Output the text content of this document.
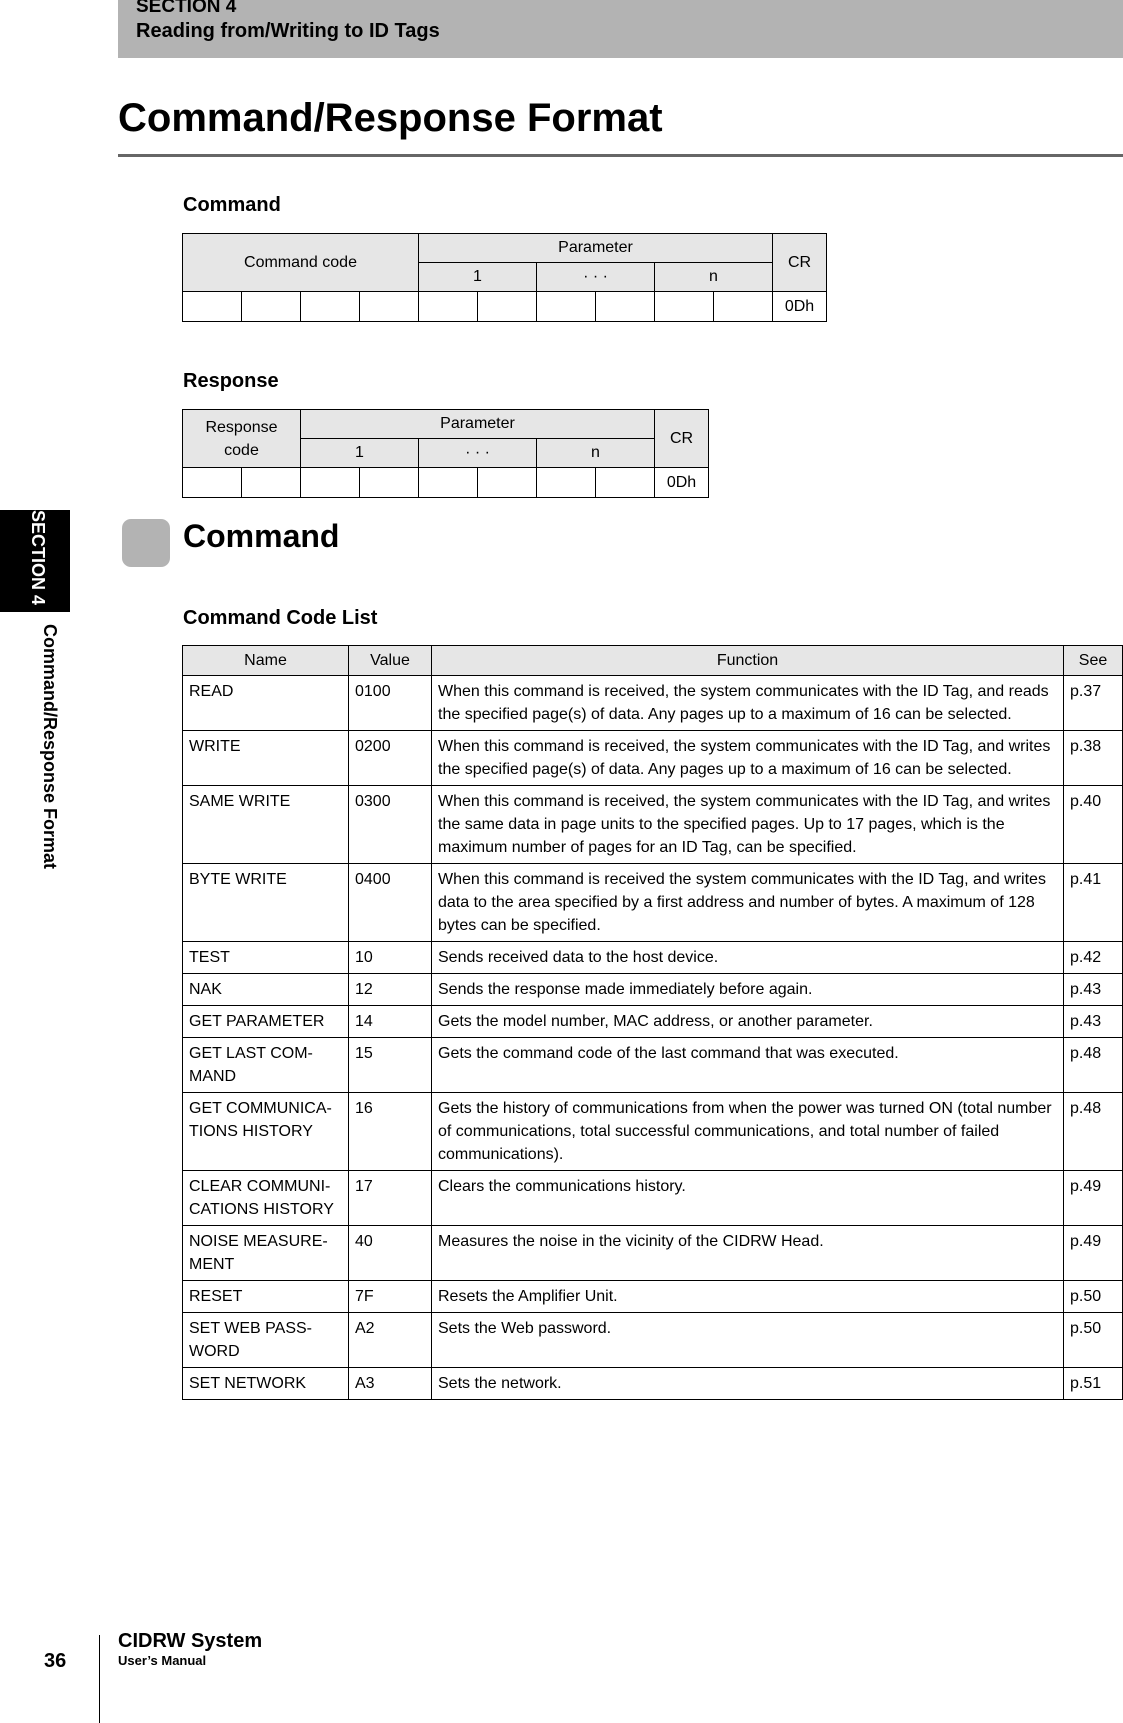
SECTION 4
Reading from/Writing to ID Tags
Command/Response Format
Command
Command code				Parameter						CR
				1		· · ·		n		
										0Dh
Response
Response code		Parameter						CR
		1		· · ·		n		
								0Dh
SECTION 4
Command/Response Format
Command
Command Code List
Name	Value	Function	See
READ	0100	When this command is received, the system communicates with the ID Tag, and reads the specified page(s) of data. Any pages up to a maximum of 16 can be selected.	p.37
WRITE	0200	When this command is received, the system communicates with the ID Tag, and writes the specified page(s) of data. Any pages up to a maximum of 16 can be selected.	p.38
SAME WRITE	0300	When this command is received, the system communicates with the ID Tag, and writes the same data in page units to the specified pages. Up to 17 pages, which is the maximum number of pages for an ID Tag, can be specified.	p.40
BYTE WRITE	0400	When this command is received the system communicates with the ID Tag, and writes data to the area specified by a first address and number of bytes. A maximum of 128 bytes can be specified.	p.41
TEST	10	Sends received data to the host device.	p.42
NAK	12	Sends the response made immediately before again.	p.43
GET PARAMETER	14	Gets the model number, MAC address, or another parameter.	p.43
GET LAST COM-MAND	15	Gets the command code of the last command that was executed.	p.48
GET COMMUNICA-TIONS HISTORY	16	Gets the history of communications from when the power was turned ON (total number of communications, total successful communications, and total number of failed communications).	p.48
CLEAR COMMUNI-CATIONS HISTORY	17	Clears the communications history.	p.49
NOISE MEASURE-MENT	40	Measures the noise in the vicinity of the CIDRW Head.	p.49
RESET	7F	Resets the Amplifier Unit.	p.50
SET WEB PASS-WORD	A2	Sets the Web password.	p.50
SET NETWORK	A3	Sets the network.	p.51
36
CIDRW System
User’s Manual
